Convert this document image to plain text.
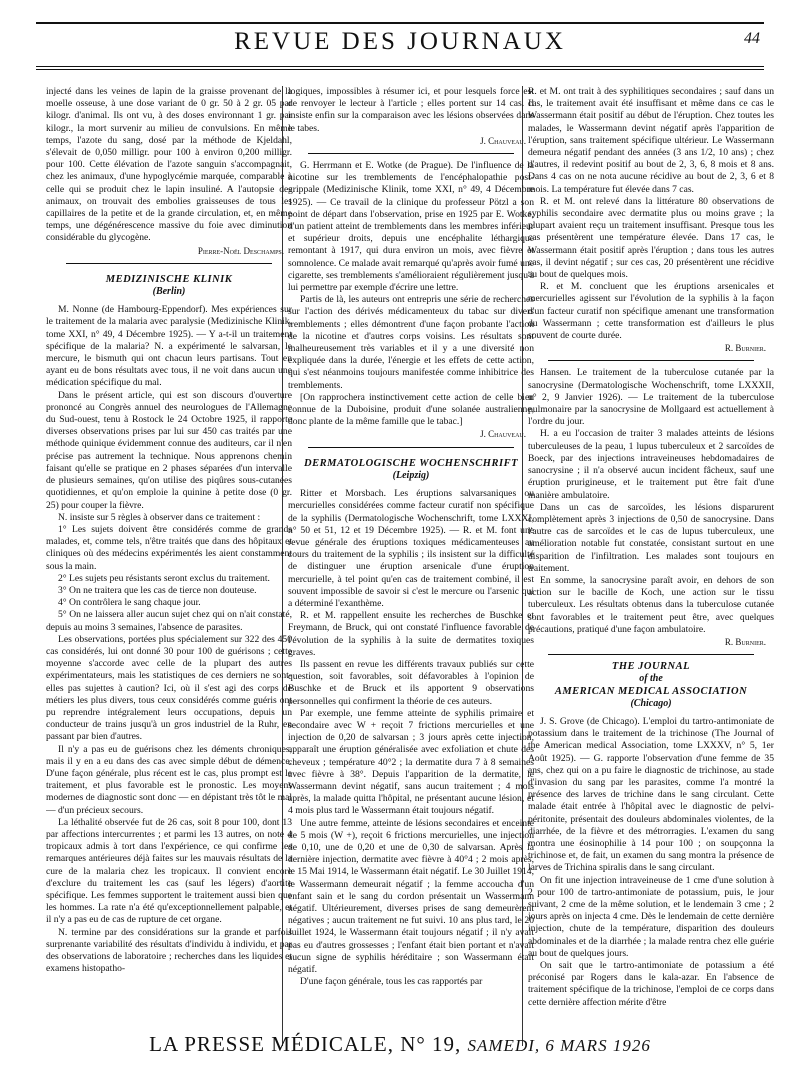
REVUE DES JOURNAUX	44

injecté dans les veines de lapin de la graisse provenant de la moelle osseuse, à une dose variant de 0 gr. 50 à 2 gr. 05 par kilogr. d'animal. Ils ont vu, à des doses environnant 1 gr. par kilogr., la mort survenir au milieu de convulsions. En même temps, l'azote du sang, dosé par la méthode de Kjeldahl, s'élevait de 0,050 milligr. pour 100 à environ 0,200 milligr. pour 100. Cette élévation de l'azote sanguin s'accompagnait, chez les animaux, d'une hypoglycémie marquée, comparable à celle qui se produit chez le lapin insuliné. A l'autopsie des animaux, on trouvait des embolies graisseuses de tous les capillaires de la petite et de la grande circulation, et, en même temps, une dégénérescence massive du foie avec diminution considérable du glycogène.

Pierre-Noël Deschamps.
MEDIZINISCHE KLINIK
(Berlin)

M. Nonne (de Hambourg-Eppendorf). Mes expériences sur le traitement de la malaria avec paralysie (Medizinische Klinik, tome XXI, n° 49, 4 Décembre 1925). — Y a-t-il un traitement spécifique de la malaria? N. a expérimenté le salvarsan, le mercure, le bismuth qui ont chacun leurs partisans. Tout en ayant eu de bons résultats avec tous, il ne voit dans aucun une médication spécifique du mal.

Dans le présent article, qui est son discours d'ouverture prononcé au Congrès annuel des neurologues de l'Allemagne du Sud-ouest, tenu à Rostock le 24 Octobre 1925, il rapporte diverses observations prises par lui sur 450 cas traités par une méthode quinique évidemment connue des auditeurs, car il n'en précise pas autrement la technique. Nous apprenons chemin faisant qu'elle se pratique en 2 phases séparées d'un intervalle de plusieurs semaines, qu'on utilise des piqûres sous-cutanées quotidiennes, et qu'on emploie la quinine à petite dose (0 gr. 25) pour couper la fièvre.

N. insiste sur 5 règles à observer dans ce traitement :

1° Les sujets doivent être considérés comme de grands malades, et, comme tels, n'être traités que dans des hôpitaux et cliniques où des médecins expérimentés les aient constamment sous la main.

2° Les sujets peu résistants seront exclus du traitement.

3° On ne traitera que les cas de tierce non douteuse.

4° On contrôlera le sang chaque jour.

5° On ne laissera aller aucun sujet chez qui on n'ait constaté, depuis au moins 3 semaines, l'absence de parasites.

Les observations, portées plus spécialement sur 322 des 450 cas considérés, lui ont donné 30 pour 100 de guérisons ; cette moyenne s'accorde avec celle de la plupart des autres expérimentateurs, mais les statistiques de ces derniers ne sont-elles pas sujettes à caution? Ici, où il s'est agi des corps de métiers les plus divers, tous ceux considérés comme guéris ont pu reprendre intégralement leurs occupations, depuis un conducteur de trains jusqu'à un gros industriel de la Ruhr, en passant par bien d'autres.

Il n'y a pas eu de guérisons chez les déments chroniques, mais il y en a eu dans des cas avec simple début de démence. D'une façon générale, plus récent est le cas, plus prompt est le traitement, et plus favorable est le pronostic. Les moyens modernes de diagnostic sont donc — en dépistant très tôt le mal — d'un précieux secours.

La léthalité observée fut de 26 cas, soit 8 pour 100, dont 13 par affections intercurrentes ; et parmi les 13 autres, on note 4 tropicaux admis à tort dans l'expérience, ce qui confirme les remarques antérieures déjà faites sur les mauvais résultats de la cure de la malaria chez les tropicaux. Il convient encore d'exclure du traitement les cas (sauf les légers) d'aortite spécifique. Les femmes supportent le traitement aussi bien que les hommes. La rate n'a été qu'exceptionnellement palpable, et il n'y a pas eu de cas de rupture de cet organe.

N. termine par des considérations sur la grande et parfois surprenante variabilité des résultats d'individu à individu, et par des observations de laboratoire ; recherches dans les liquides et examens histopatho-

logiques, impossibles à résumer ici, et pour lesquels force est de renvoyer le lecteur à l'article ; elles portent sur 14 cas. Il insiste enfin sur la comparaison avec les lésions observées dans le tabes.

J. Chauveau.

G. Herrmann et E. Wotke (de Prague). De l'influence de la nicotine sur les tremblements de l'encéphalopathie post-grippale (Medizinische Klinik, tome XXI, n° 49, 4 Décembre 1925). — Ce travail de la clinique du professeur Pötzl a son point de départ dans l'observation, prise en 1925 par E. Wotke, d'un patient atteint de tremblements dans les membres inférieur et supérieur droits, depuis une encéphalite léthargique remontant à 1917, qui dura environ un mois, avec fièvre et somnolence. Ce malade avait remarqué qu'après avoir fumé une cigarette, ses tremblements s'amélioraient régulièrement jusqu'à lui permettre par exemple d'écrire une lettre.

Partis de là, les auteurs ont entrepris une série de recherches sur l'action des dérivés médicamenteux du tabac sur divers tremblements ; elles démontrent d'une façon probante l'action de la nicotine et d'autres corps voisins. Les résultats sont malheureusement très variables et il y a une diversité non expliquée dans la durée, l'énergie et les effets de cette action, qui s'est néanmoins toujours manifestée comme inhibitrice des tremblements.

[On rapprochera instinctivement cette action de celle bien connue de la Duboisine, produit d'une solanée australienne, donc plante de la même famille que le tabac.]

J. Chauveau.
DERMATOLOGISCHE WOCHENSCHRIFT
(Leipzig)

Ritter et Morsbach. Les éruptions salvarsaniques ou mercurielles considérées comme facteur curatif non spécifique de la syphilis (Dermatologische Wochenschrift, tome LXXXI, n° 50 et 51, 12 et 19 Décembre 1925). — R. et M. font une revue générale des éruptions toxiques médicamenteuses au cours du traitement de la syphilis ; ils insistent sur la difficulté de distinguer une éruption arsenicale d'une éruption mercurielle, à tel point qu'en cas de traitement combiné, il est souvent impossible de savoir si c'est le mercure ou l'arsenic qui a déterminé l'exanthème.

R. et M. rappellent ensuite les recherches de Buschke et Freymann, de Bruck, qui ont constaté l'influence favorable de l'évolution de la syphilis à la suite de dermatites toxiques graves.

Ils passent en revue les différents travaux publiés sur cette question, soit favorables, soit défavorables à l'opinion de Buschke et de Bruck et ils apportent 9 observations personnelles qui confirment la théorie de ces auteurs.

Par exemple, une femme atteinte de syphilis primaire et secondaire avec W + reçoit 7 frictions mercurielles et une injection de 0,20 de salvarsan ; 3 jours après cette injection, apparaît une éruption généralisée avec exfoliation et chute des cheveux ; température 40°2 ; la dermatite dura 7 à 8 semaines avec fièvre à 38°. Depuis l'apparition de la dermatite, le Wassermann devint négatif, sans aucun traitement ; 4 mois après, la malade quitta l'hôpital, ne présentant aucune lésion, et 4 mois plus tard le Wassermann était toujours négatif.

Une autre femme, atteinte de lésions secondaires et enceinte de 5 mois (W +), reçoit 6 frictions mercurielles, une injection de 0,10, une de 0,20 et une de 0,30 de salvarsan. Après la dernière injection, dermatite avec fièvre à 40°4 ; 2 mois après, le 15 Mai 1914, le Wassermann était négatif. Le 30 Juillet 1914, le Wassermann demeurait négatif ; la femme accoucha d'un enfant sain et le sang du cordon présentait un Wassermann négatif. Ultérieurement, diverses prises de sang demeurèrent négatives ; aucun traitement ne fut suivi. 10 ans plus tard, le 20 Juillet 1924, le Wassermann était toujours négatif ; il n'y avait pas eu d'autres grossesses ; l'enfant était bien portant et n'avait aucun signe de syphilis héréditaire ; son Wassermann était négatif.

D'une façon générale, tous les cas rapportés par

R. et M. ont trait à des syphilitiques secondaires ; sauf dans un cas, le traitement avait été insuffisant et même dans ce cas le Wassermann était positif au début de l'éruption. Chez toutes les malades, le Wassermann devint négatif après l'apparition de l'éruption, sans traitement spécifique ultérieur. Le Wassermann demeura négatif pendant des années (3 ans 1/2, 10 ans) ; chez d'autres, il redevint positif au bout de 2, 3, 6, 8 mois et 8 ans. Dans 4 cas on ne nota aucune récidive au bout de 2, 3, 6 et 8 mois. La température fut élevée dans 7 cas.

R. et M. ont relevé dans la littérature 80 observations de syphilis secondaire avec dermatite plus ou moins grave ; la plupart avaient reçu un traitement insuffisant. Presque tous les cas présentèrent une température élevée. Dans 17 cas, le Wassermann était positif après l'éruption ; dans tous les autres cas, il devint négatif ; sur ces cas, 20 présentèrent une récidive au bout de quelques mois.

R. et M. concluent que les éruptions arsenicales et mercurielles agissent sur l'évolution de la syphilis à la façon d'un facteur curatif non spécifique amenant une transformation du Wassermann ; cette transformation est d'ailleurs le plus souvent de courte durée.

R. Burnier.

Hansen. Le traitement de la tuberculose cutanée par la sanocrysine (Dermatologische Wochenschrift, tome LXXXII, n° 2, 9 Janvier 1926). — Le traitement de la tuberculose pulmonaire par la sanocrysine de Mollgaard est actuellement à l'ordre du jour.

H. a eu l'occasion de traiter 3 malades atteints de lésions tuberculeuses de la peau, 1 lupus tuberculeux et 2 sarcoïdes de Boeck, par des injections intraveineuses hebdomadaires de sanocrysine ; il n'a observé aucun incident fâcheux, sauf une éruption prurigineuse, et le traitement put être fait d'une manière ambulatoire.

Dans un cas de sarcoïdes, les lésions disparurent complètement après 3 injections de 0,50 de sanocrysine. Dans l'autre cas de sarcoïdes et le cas de lupus tuberculeux, une amélioration notable fut constatée, consistant surtout en une disparition de l'infiltration. Les malades sont toujours en traitement.

En somme, la sanocrysine paraît avoir, en dehors de son action sur le bacille de Koch, une action sur le tissu tuberculeux. Les résultats obtenus dans la tuberculose cutanée sont favorables et le traitement peut être, avec quelques précautions, pratiqué d'une façon ambulatoire.

R. Burnier.
THE JOURNAL
of the
AMERICAN MEDICAL ASSOCIATION
(Chicago)

J. S. Grove (de Chicago). L'emploi du tartro-antimoniate de potassium dans le traitement de la trichinose (The Journal of the American medical Association, tome LXXXV, n° 5, 1er Août 1925). — G. rapporte l'observation d'une femme de 35 ans, chez qui on a pu faire le diagnostic de trichinose, au stade d'invasion du sang par les parasites, comme l'a montré la présence des larves de trichine dans le sang circulant. Cette malade était entrée à l'hôpital avec le diagnostic de pelvi-péritonite, présentait des douleurs abdominales violentes, de la diarrhée, de la fièvre et des métrorragies. L'examen du sang montra une éosinophilie à 14 pour 100 ; on soupçonna la trichinose et, de fait, un examen du sang montra la présence de larves de Trichina spiralis dans le sang circulant.

On fit une injection intraveineuse de 1 cme d'une solution à 2 pour 100 de tartro-antimoniate de potassium, puis, le jour suivant, 2 cme de la même solution, et le lendemain 3 cme ; 2 jours après on injecta 4 cme. Dès le lendemain de cette dernière injection, chute de la température, disparition des douleurs abdominales et de la diarrhée ; la malade rentra chez elle guérie au bout de quelques jours.

On sait que le tartro-antimoniate de potassium a été préconisé par Rogers dans le kala-azar. En l'absence de traitement spécifique de la trichinose, l'emploi de ce corps dans cette dernière affection mérite d'être

LA PRESSE MÉDICALE, N° 19, SAMEDI, 6 MARS 1926
